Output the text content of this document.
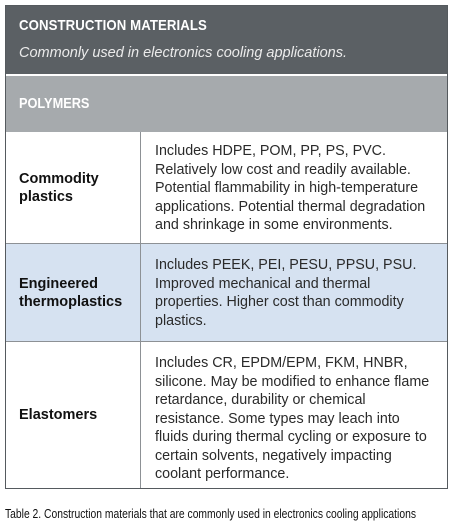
CONSTRUCTION MATERIALS
Commonly used in electronics cooling applications.
POLYMERS
Commodity plastics
Includes HDPE, POM, PP, PS, PVC. Relatively low cost and readily available. Potential flammability in high-temperature applications. Potential thermal degradation and shrinkage in some environments.
Engineered thermoplastics
Includes PEEK, PEI, PESU, PPSU, PSU. Improved mechanical and thermal properties. Higher cost than commodity plastics.
Elastomers
Includes CR, EPDM/EPM, FKM, HNBR, silicone. May be modified to enhance flame retardance, durability or chemical resistance. Some types may leach into fluids during thermal cycling or exposure to certain solvents, negatively impacting coolant performance.
Table 2. Construction materials that are commonly used in electronics cooling applications
